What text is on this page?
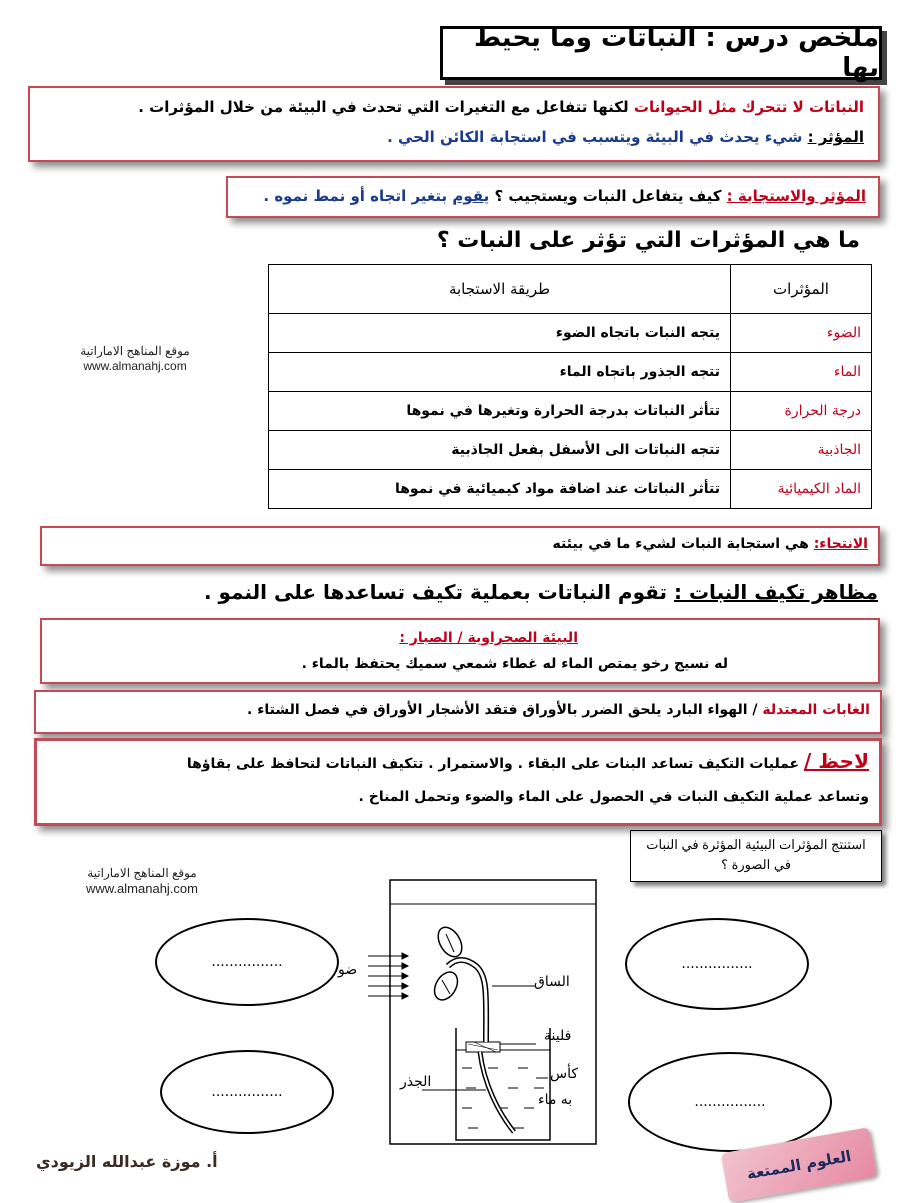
ملخص درس : النباتات وما يحيط بها
النباتات لا تتحرك مثل الحيوانات لكنها تتفاعل مع التغيرات التي تحدث في البيئة من خلال المؤثرات .
المؤثر : شيء يحدث في البيئة ويتسبب في استجابة الكائن الحي .
المؤثر والاستجابة : كيف يتفاعل النبات ويستجيب ؟ يقوم بتغير اتجاه أو نمط نموه .
ما هي المؤثرات التي تؤثر على النبات ؟
المؤثرات	طريقة الاستجابة
الضوء	يتجه النبات باتجاه الضوء
الماء	تتجه الجذور باتجاه الماء
درجة الحرارة	تتأثر النباتات بدرجة الحرارة وتغيرها في نموها
الجاذبية	تتجه النباتات الى الأسفل بفعل الجاذبية
الماد الكيميائية	تتأثر النباتات عند اضافة مواد كيميائية في نموها
موقع المناهج الاماراتية
www.almanahj.com
الانتحاء: هي استجابة النبات لشيء ما في بيئته
مظاهر تكيف النبات : تقوم النباتات بعملية تكيف تساعدها على النمو .
البيئة الصحراوية / الصبار :
له نسيج رخو يمتص الماء له غطاء شمعي سميك يحتفظ بالماء .
الغابات المعتدلة / الهواء البارد يلحق الضرر بالأوراق فتقد الأشجار الأوراق في فصل الشتاء .
لاحظ / عمليات التكيف تساعد البنات على البقاء . والاستمرار . تتكيف النباتات لتحافظ على بقاؤها
وتساعد عملية التكيف النبات في الحصول على الماء والضوء وتحمل المناخ .
استنتج المؤثرات البيئية المؤثرة في النبات في الصورة ؟
موقع المناهج الاماراتية
www.almanahj.com
................
................
................
................
الساق
فلينة
كأس
به ماء
الجذر
ضو
أ. موزة عبدالله الزيودي	العلوم الممتعة
